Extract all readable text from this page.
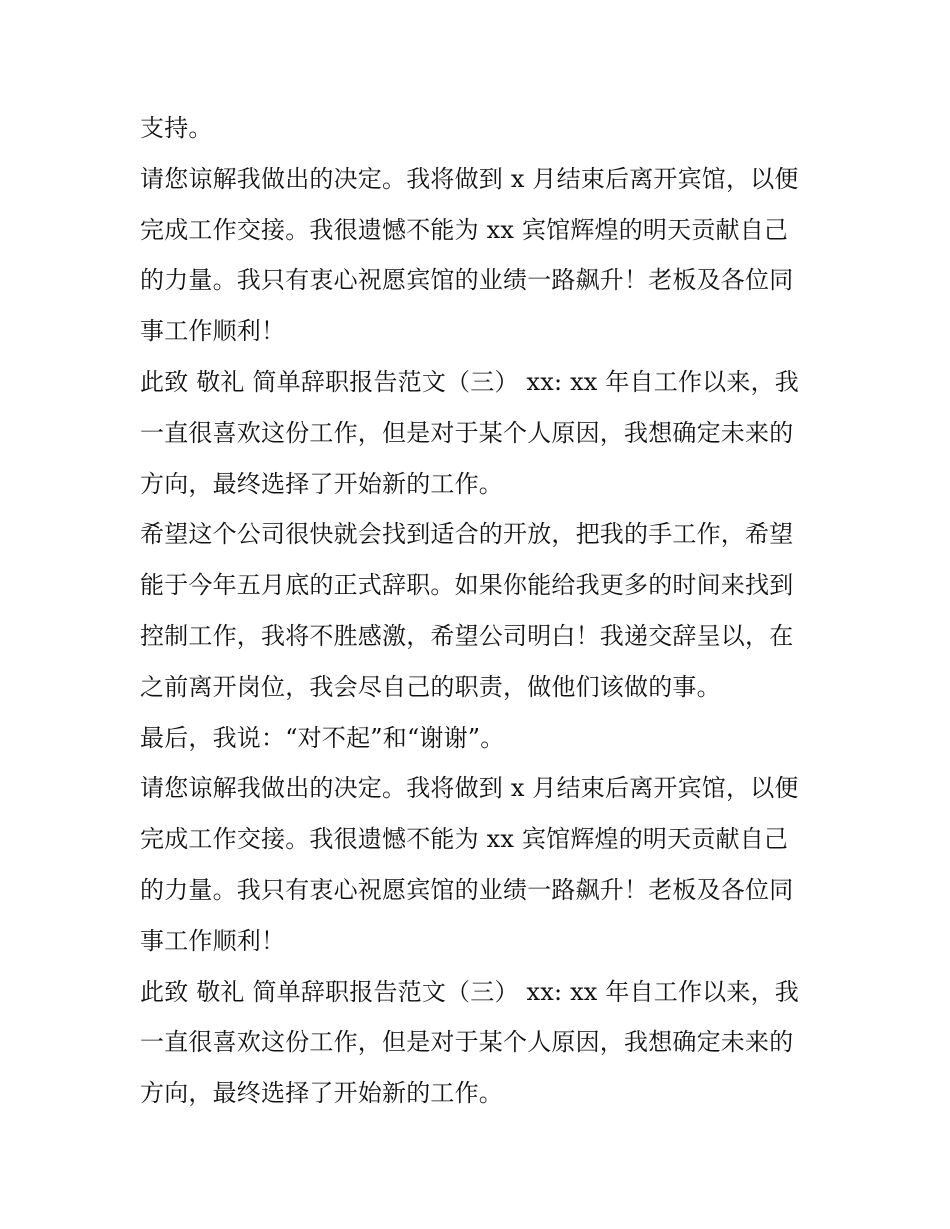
支持。
请您谅解我做出的决定。我将做到 x 月结束后离开宾馆，以便
完成工作交接。我很遗憾不能为 xx 宾馆辉煌的明天贡献自己
的力量。我只有衷心祝愿宾馆的业绩一路飙升！老板及各位同
事工作顺利！
此致 敬礼 简单辞职报告范文（三） xx: xx 年自工作以来，我
一直很喜欢这份工作，但是对于某个人原因，我想确定未来的
方向，最终选择了开始新的工作。
希望这个公司很快就会找到适合的开放，把我的手工作，希望
能于今年五月底的正式辞职。如果你能给我更多的时间来找到
控制工作，我将不胜感激，希望公司明白！我递交辞呈以，在
之前离开岗位，我会尽自己的职责，做他们该做的事。
最后，我说：“对不起”和“谢谢”。
请您谅解我做出的决定。我将做到 x 月结束后离开宾馆，以便
完成工作交接。我很遗憾不能为 xx 宾馆辉煌的明天贡献自己
的力量。我只有衷心祝愿宾馆的业绩一路飙升！老板及各位同
事工作顺利！
此致 敬礼 简单辞职报告范文（三） xx: xx 年自工作以来，我
一直很喜欢这份工作，但是对于某个人原因，我想确定未来的
方向，最终选择了开始新的工作。
